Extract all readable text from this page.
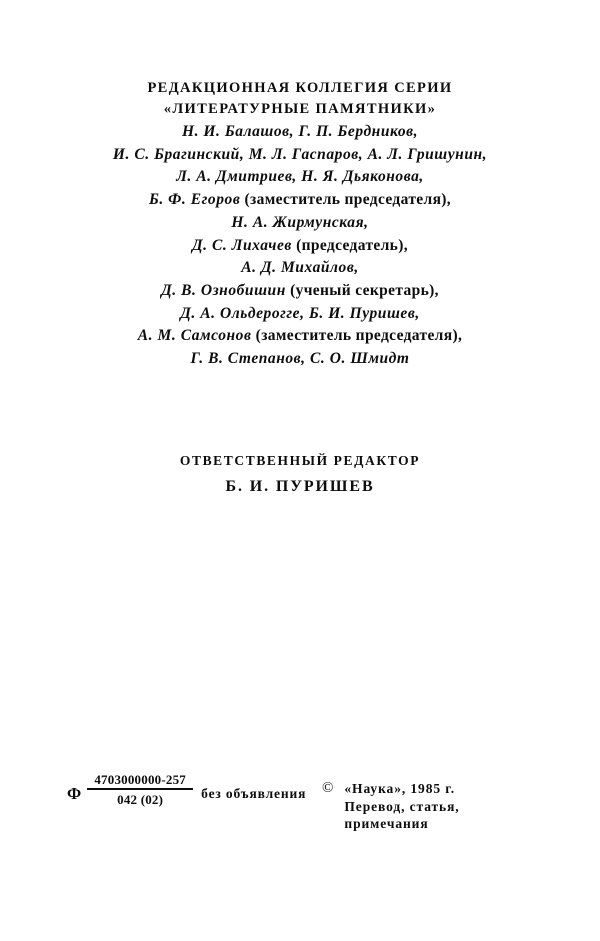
РЕДАКЦИОННАЯ КОЛЛЕГИЯ СЕРИИ
«ЛИТЕРАТУРНЫЕ ПАМЯТНИКИ»
Н. И. Балашов, Г. П. Бердников,
И. С. Брагинский, М. Л. Гаспаров, А. Л. Гришунин,
Л. А. Дмитриев, Н. Я. Дьяконова,
Б. Ф. Егоров (заместитель председателя),
Н. А. Жирмунская,
Д. С. Лихачев (председатель),
А. Д. Михайлов,
Д. В. Ознобишин (ученый секретарь),
Д. А. Ольдерогге, Б. И. Пуришев,
А. М. Самсонов (заместитель председателя),
Г. В. Степанов, С. О. Шмидт
ОТВЕТСТВЕННЫЙ РЕДАКТОР
Б. И. ПУРИШЕВ
Ф $\frac{4703000000-257}{042 (02)}$ без объявления © «Наука», 1985 г.
Перевод, статья,
примечания
